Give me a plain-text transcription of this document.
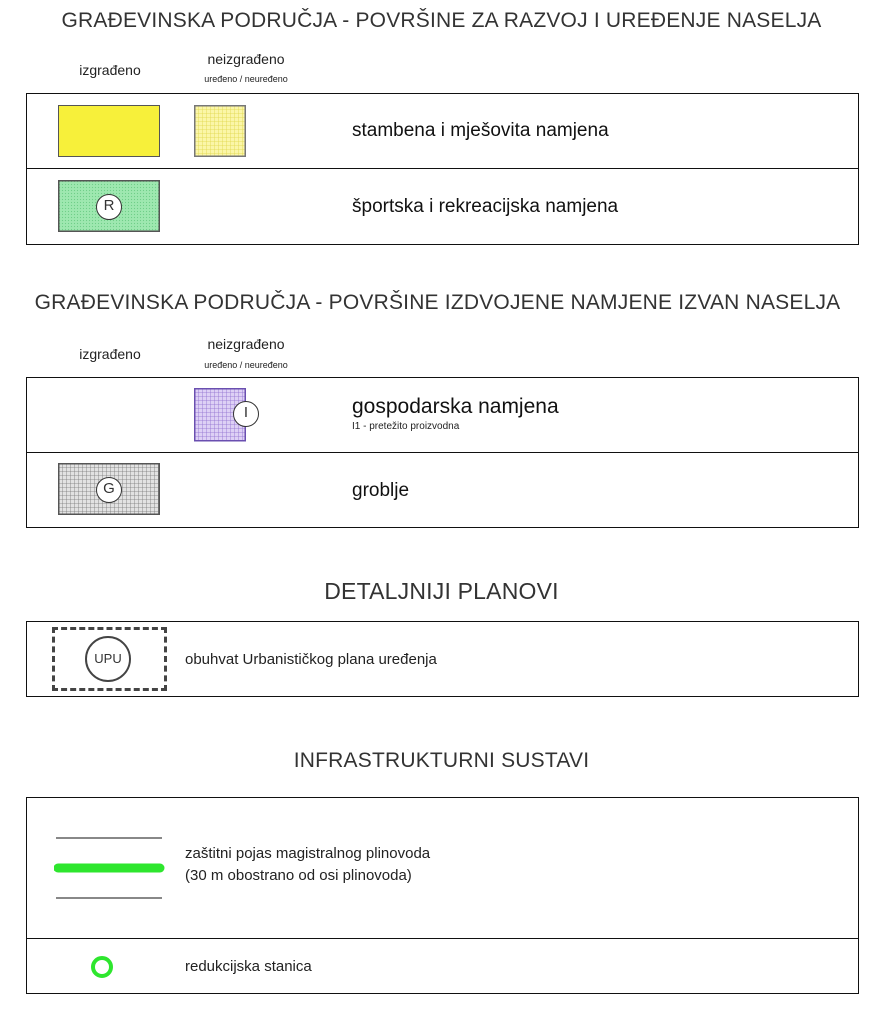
GRAĐEVINSKA PODRUČJA - POVRŠINE ZA RAZVOJ I UREĐENJE NASELJA
izgrađeno
neizgrađeno
uređeno / neuređeno
stambena i mješovita namjena
R	športska i rekreacijska namjena
GRAĐEVINSKA PODRUČJA - POVRŠINE IZDVOJENE NAMJENE IZVAN NASELJA
izgrađeno
neizgrađeno
uređeno / neuređeno
I	gospodarska namjena
I1 - pretežito proizvodna
G	groblje
DETALJNIJI PLANOVI
UPU	obuhvat Urbanističkog plana uređenja
INFRASTRUKTURNI SUSTAVI
zaštitni pojas magistralnog plinovoda
(30 m obostrano od osi plinovoda)
redukcijska stanica
